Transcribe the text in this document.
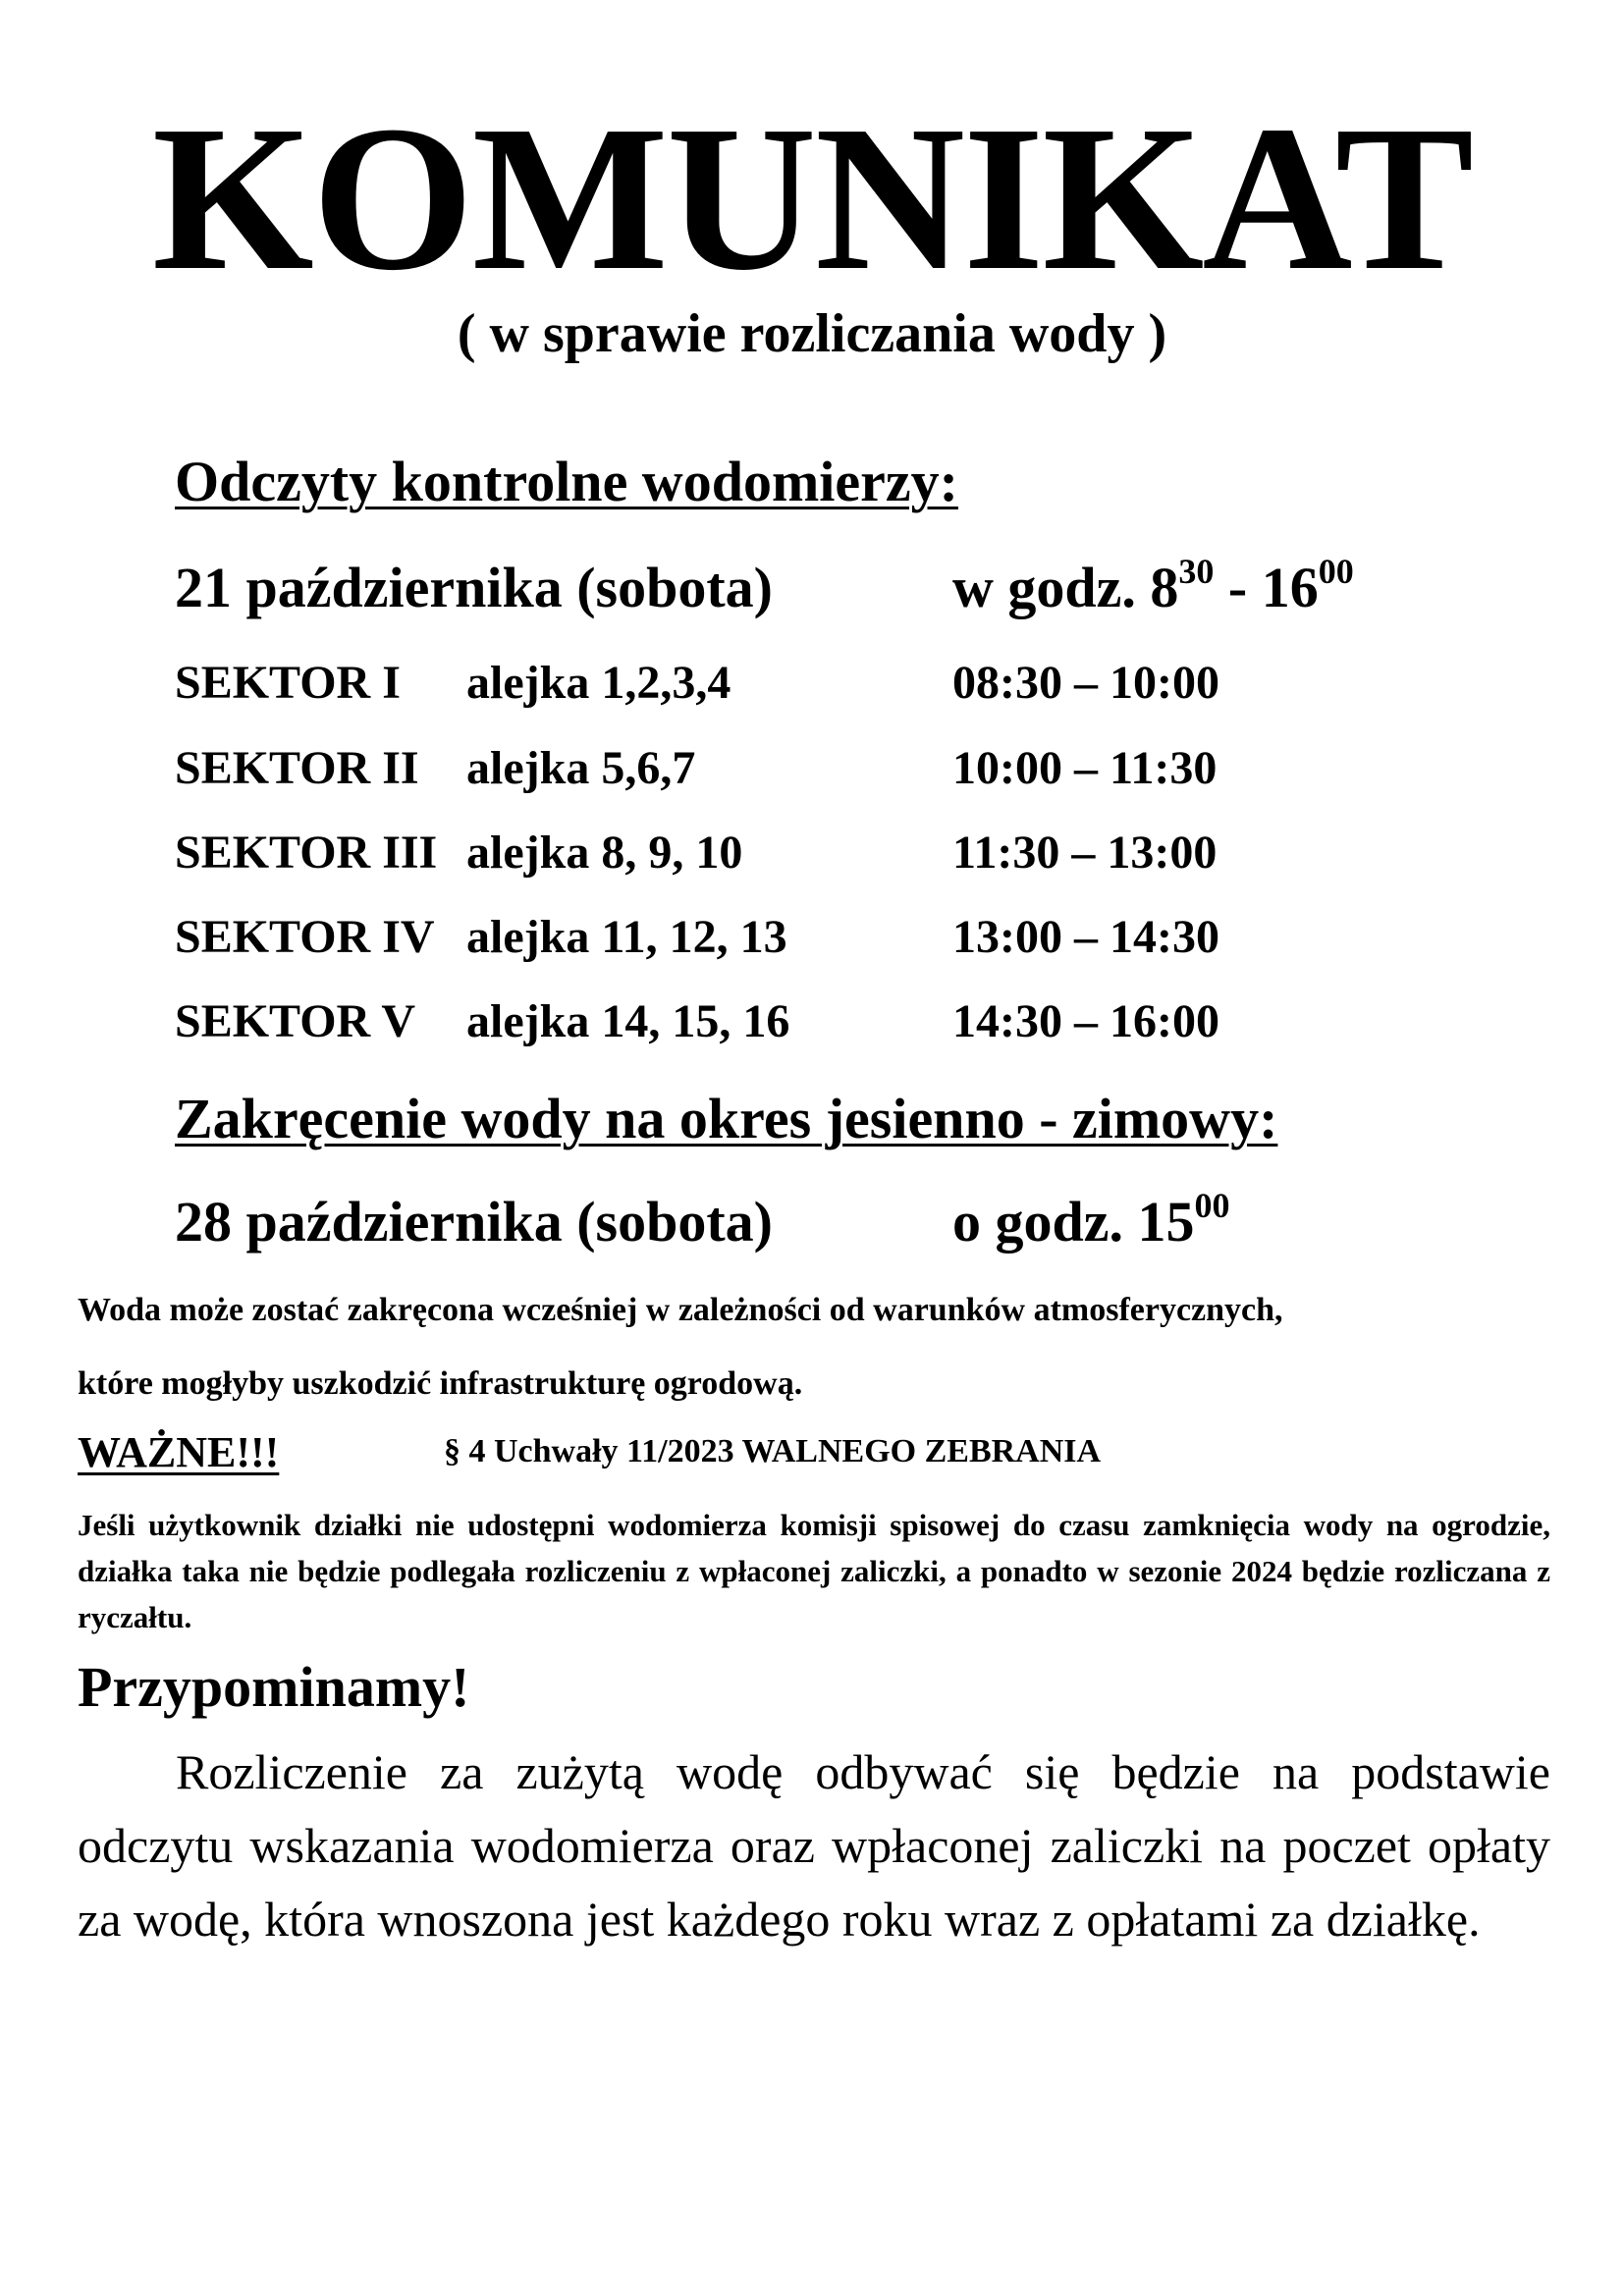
KOMUNIKAT
( w sprawie rozliczania wody )
Odczyty kontrolne wodomierzy:
21 października (sobota)	w godz. $8^{30} - 16^{00}$
SEKTOR I alejka 1,2,3,4	08:30 – 10:00
SEKTOR II alejka 5,6,7	10:00 – 11:30
SEKTOR III alejka 8, 9, 10	11:30 – 13:00
SEKTOR IV alejka 11, 12, 13	13:00 – 14:30
SEKTOR V alejka 14, 15, 16	14:30 – 16:00
Zakręcenie wody na okres jesienno - zimowy:
28 października (sobota)	o godz. $15^{00}$
Woda może zostać zakręcona wcześniej w zależności od warunków atmosferycznych,
które mogłyby uszkodzić infrastrukturę ogrodową.
WAŻNE!!!	§ 4 Uchwały 11/2023 WALNEGO ZEBRANIA
Jeśli użytkownik działki nie udostępni wodomierza komisji spisowej do czasu zamknięcia wody na ogrodzie, działka taka nie będzie podlegała rozliczeniu z wpłaconej zaliczki, a ponadto w sezonie 2024 będzie rozliczana z ryczałtu.
Przypominamy!
Rozliczenie za zużytą wodę odbywać się będzie na podstawie odczytu wskazania wodomierza oraz wpłaconej zaliczki na poczet opłaty za wodę, która wnoszona jest każdego roku wraz z opłatami za działkę.
